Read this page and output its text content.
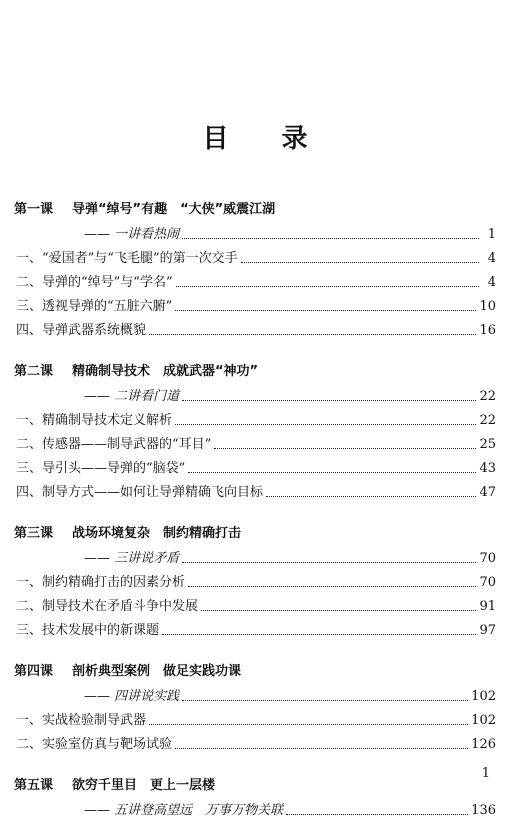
目 录
第一课	导弹“绰号”有趣　“大侠”威震江湖
—— 一讲看热闹	1
一、“爱国者”与“飞毛腿”的第一次交手	4
二、导弹的“绰号”与“学名”	4
三、透视导弹的“五脏六腑”	10
四、导弹武器系统概貌	16
第二课	精确制导技术　成就武器“神功”
—— 二讲看门道	22
一、精确制导技术定义解析	22
二、传感器——制导武器的“耳目”	25
三、导引头——导弹的“脑袋”	43
四、制导方式——如何让导弹精确飞向目标	47
第三课	战场环境复杂　制约精确打击
—— 三讲说矛盾	70
一、制约精确打击的因素分析	70
二、制导技术在矛盾斗争中发展	91
三、技术发展中的新课题	97
第四课	剖析典型案例　做足实践功课
—— 四讲说实践	102
一、实战检验制导武器	102
二、实验室仿真与靶场试验	126
第五课	欲穷千里目　更上一层楼
—— 五讲登高望远　万事万物关联	136
1
